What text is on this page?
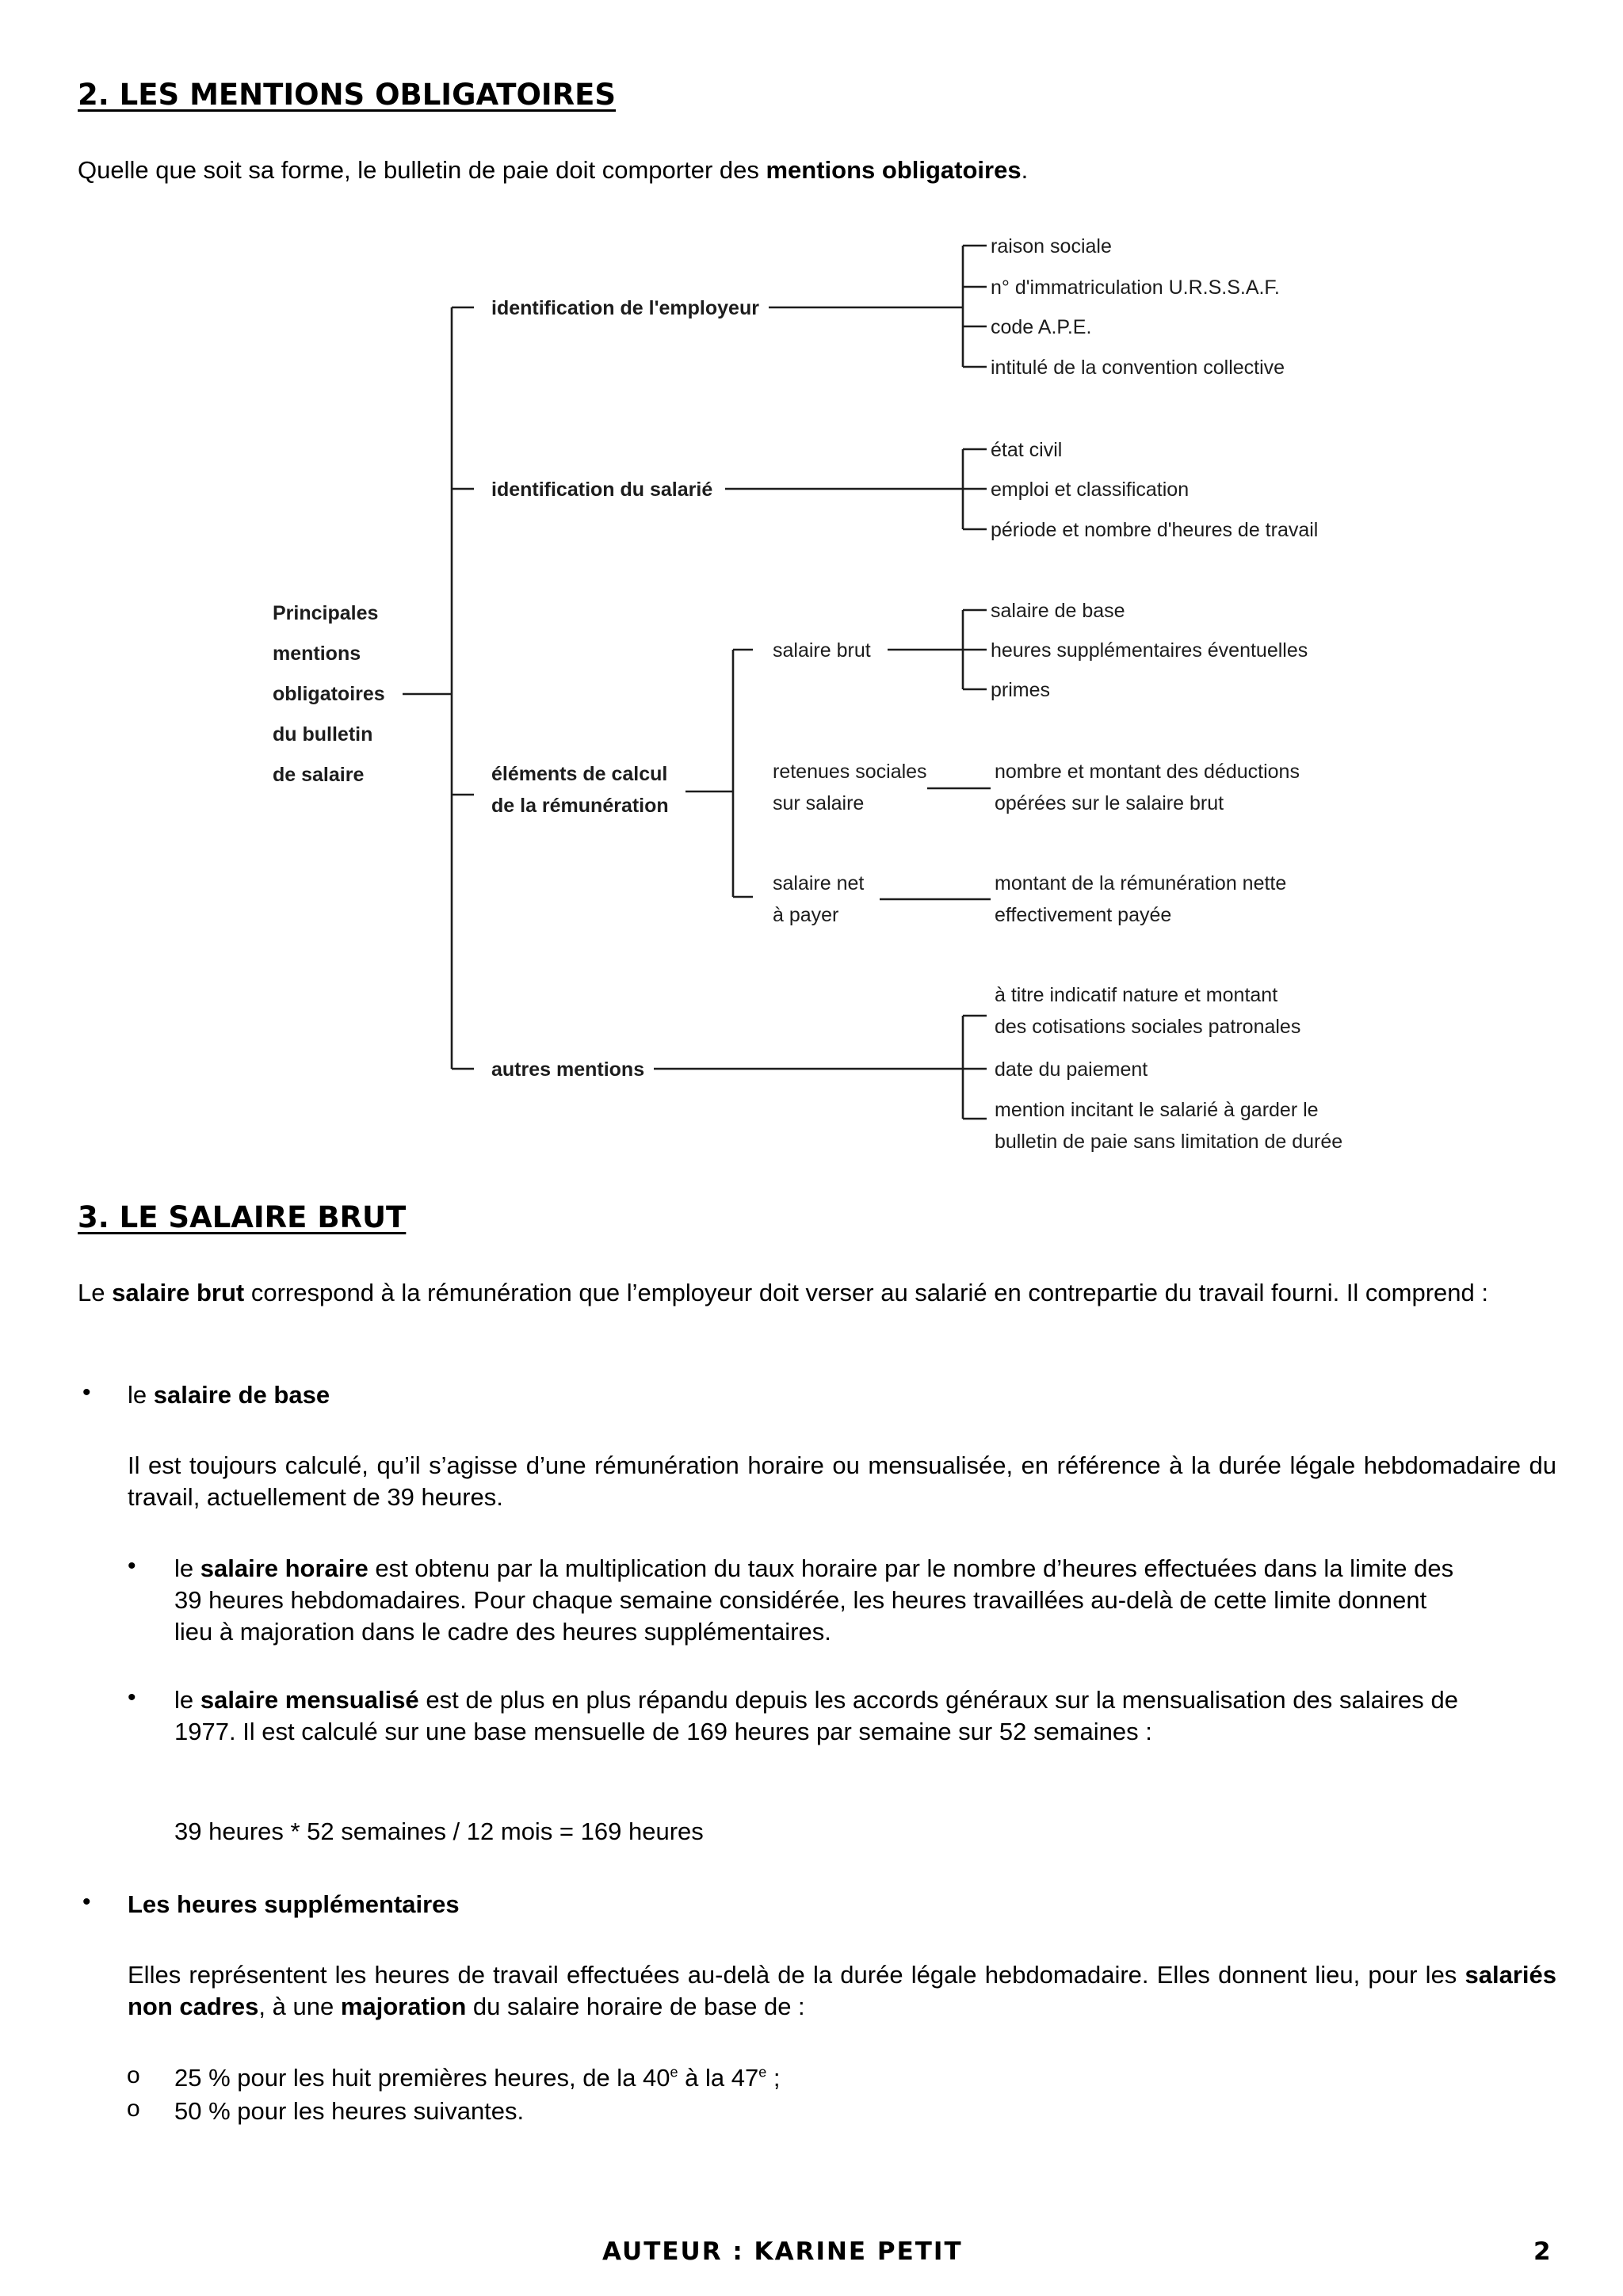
2. LES MENTIONS OBLIGATOIRES
Quelle que soit sa forme, le bulletin de paie doit comporter des mentions obligatoires.
Principales
mentions
obligatoires
du bulletin
de salaire
identification de l'employeur
raison sociale
n° d'immatriculation U.R.S.S.A.F.
code A.P.E.
intitulé de la convention collective
identification du salarié
état civil
emploi et classification
période et nombre d'heures de travail
éléments de calcul
de la rémunération
salaire brut
salaire de base
heures supplémentaires éventuelles
primes
retenues sociales
sur salaire
nombre et montant des déductions
opérées sur le salaire brut
salaire net
à payer
montant de la rémunération nette
effectivement payée
autres mentions
à titre indicatif nature et montant
des cotisations sociales patronales
date du paiement
mention incitant le salarié à garder le
bulletin de paie sans limitation de durée
3. LE SALAIRE BRUT
Le salaire brut correspond à la rémunération que l’employeur doit verser au salarié en contrepartie du travail fourni. Il comprend :
• le salaire de base
Il est toujours calculé, qu’il s’agisse d’une rémunération horaire ou mensualisée, en référence à la durée légale hebdomadaire du travail, actuellement de 39 heures.
• le salaire horaire est obtenu par la multiplication du taux horaire par le nombre d’heures effectuées dans la limite des 39 heures hebdomadaires. Pour chaque semaine considérée, les heures travaillées au-delà de cette limite donnent lieu à majoration dans le cadre des heures supplémentaires.
• le salaire mensualisé est de plus en plus répandu depuis les accords généraux sur la mensualisation des salaires de 1977. Il est calculé sur une base mensuelle de 169 heures par semaine sur 52 semaines :
39 heures * 52 semaines / 12 mois = 169 heures
• Les heures supplémentaires
Elles représentent les heures de travail effectuées au-delà de la durée légale hebdomadaire. Elles donnent lieu, pour les salariés non cadres, à une majoration du salaire horaire de base de :
o 25 % pour les huit premières heures, de la 40e à la 47e ;
o 50 % pour les heures suivantes.
AUTEUR : KARINE PETIT	2
